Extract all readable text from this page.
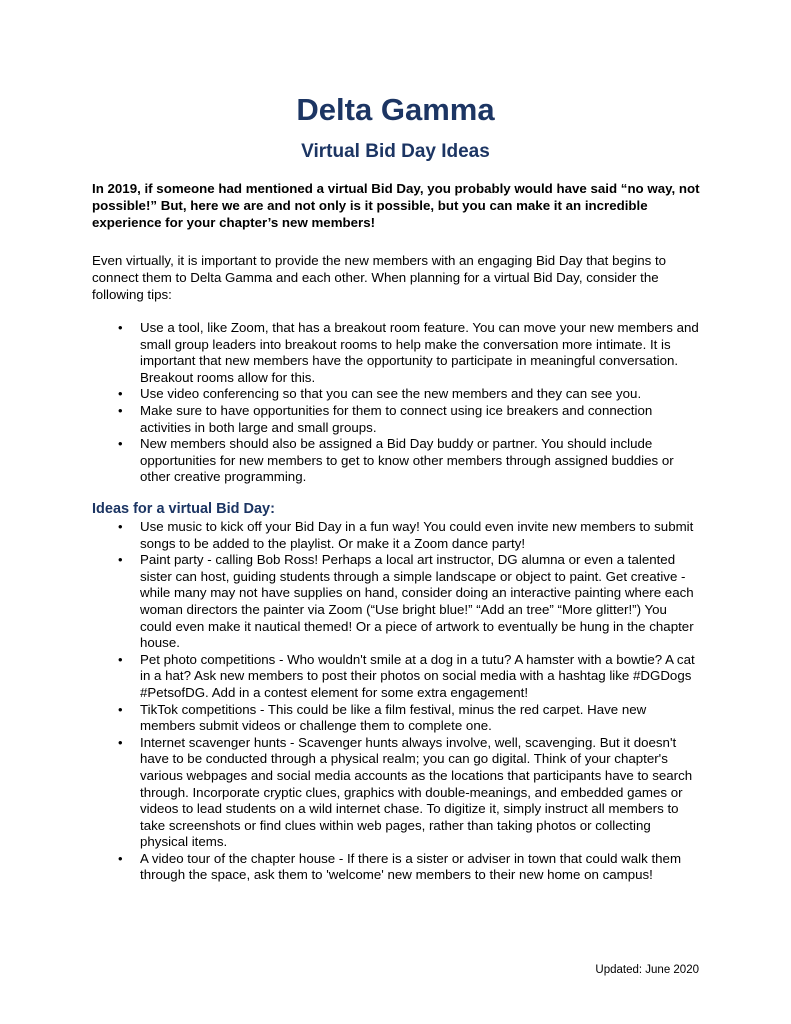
Delta Gamma
Virtual Bid Day Ideas

In 2019, if someone had mentioned a virtual Bid Day, you probably would have said “no way, not possible!” But, here we are and not only is it possible, but you can make it an incredible experience for your chapter’s new members!

Even virtually, it is important to provide the new members with an engaging Bid Day that begins to connect them to Delta Gamma and each other. When planning for a virtual Bid Day, consider the following tips:

•	Use a tool, like Zoom, that has a breakout room feature. You can move your new members and small group leaders into breakout rooms to help make the conversation more intimate. It is important that new members have the opportunity to participate in meaningful conversation. Breakout rooms allow for this.
•	Use video conferencing so that you can see the new members and they can see you.
•	Make sure to have opportunities for them to connect using ice breakers and connection activities in both large and small groups.
•	New members should also be assigned a Bid Day buddy or partner. You should include opportunities for new members to get to know other members through assigned buddies or other creative programming.
Ideas for a virtual Bid Day:
•	Use music to kick off your Bid Day in a fun way! You could even invite new members to submit songs to be added to the playlist. Or make it a Zoom dance party!
•	Paint party - calling Bob Ross! Perhaps a local art instructor, DG alumna or even a talented sister can host, guiding students through a simple landscape or object to paint. Get creative - while many may not have supplies on hand, consider doing an interactive painting where each woman directors the painter via Zoom (“Use bright blue!” “Add an tree” “More glitter!”) You could even make it nautical themed! Or a piece of artwork to eventually be hung in the chapter house.
•	Pet photo competitions - Who wouldn't smile at a dog in a tutu? A hamster with a bowtie? A cat in a hat? Ask new members to post their photos on social media with a hashtag like #DGDogs #PetsofDG. Add in a contest element for some extra engagement!
•	TikTok competitions - This could be like a film festival, minus the red carpet. Have new members submit videos or challenge them to complete one.
•	Internet scavenger hunts - Scavenger hunts always involve, well, scavenging. But it doesn't have to be conducted through a physical realm; you can go digital. Think of your chapter's various webpages and social media accounts as the locations that participants have to search through. Incorporate cryptic clues, graphics with double-meanings, and embedded games or videos to lead students on a wild internet chase. To digitize it, simply instruct all members to take screenshots or find clues within web pages, rather than taking photos or collecting physical items.
•	A video tour of the chapter house - If there is a sister or adviser in town that could walk them through the space, ask them to 'welcome' new members to their new home on campus!
Updated: June 2020
